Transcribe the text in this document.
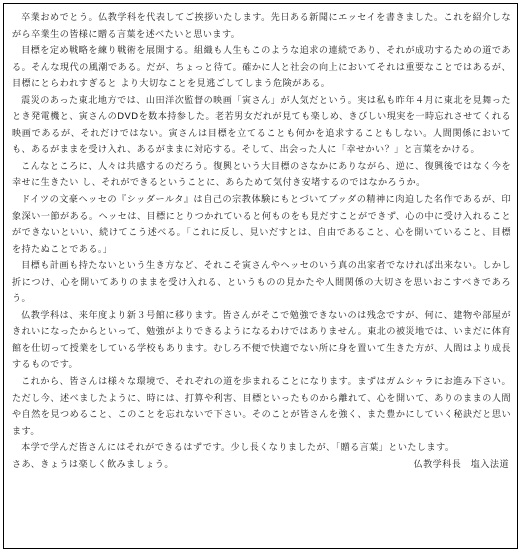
卒業おめでとう。仏教学科を代表してご挨拶いたします。先日ある新聞にエッセイを書きました。これを紹介しながら卒業生の皆様に贈る言葉を述べたいと思います。

目標を定め戦略を練り戦術を展開する。組織も人生もこのような追求の連続であり、それが成功するための道である。そんな現代の風潮である。だが、ちょっと待て。確かに人と社会の向上においてそれは重要なことではあるが、目標にとらわれすぎると より大切なことを見逃ごしてしまう危険がある。

震災のあった東北地方では、山田洋次監督の映画「寅さん」が人気だという。実は私も昨年４月に東北を見舞ったとき発電機と、寅さんのDVDを数本持参した。老若男女だれが見ても楽しめ、きびしい現実を一時忘れさせてくれる映画であるが、それだけではない。寅さんは目標を立てることも何かを追求することもしない。人間関係においても、あるがままを受け入れ、あるがままに対応する。そして、出会った人に「幸せかい？」と言葉をかける。

こんなところに、人々は共感するのだろう。復興という大目標のさなかにありながら、逆に、復興後ではなく今を幸せに生きたい し、それができるということに、あらためて気付き安堵するのではなかろうか。

ドイツの文豪ヘッセの『シッダールタ』は自己の宗教体験にもとづいてブッダの精神に肉迫した名作であるが、印象深い一節がある。ヘッセは、目標にとりつかれていると何ものをも見だすことができず、心の中に受け入れることができないといい、続けてこう述べる。「これに反し、見いだすとは、自由であること、心を開いていること、目標を持たぬことである。」

目標も計画も持たないという生き方など、それこそ寅さんやヘッセのいう真の出家者でなければ出来ない。しかし折につけ、心を開いてありのままを受け入れる、というものの見かたや人間関係の大切さを思いおこすべきであろう。

仏教学科は、来年度より新３号館に移ります。皆さんがそこで勉強できないのは残念ですが、何に、建物や部屋がきれいになったからといって、勉強がよりできるようになるわけではありません。東北の被災地では、いまだに体育館を仕切って授業をしている学校もあります。むしろ不便で快適でない所に身を置いて生きた方が、人間はより成長するものです。

これから、皆さんは様々な環境で、それぞれの道を歩まれることになります。まずはガムシャラにお進み下さい。ただし今、述べましたように、時には、打算や利害、目標といったものから離れて、心を開いて、ありのままの人間や自然を見つめること、このことを忘れないで下さい。そのことが皆さんを強く、また豊かにしていく秘訣だと思います。

本学で学んだ皆さんにはそれができるはずです。少し長くなりましたが、「贈る言葉」といたします。

さあ、きょうは楽しく飲みましょう。	仏教学科長　塩入法道
